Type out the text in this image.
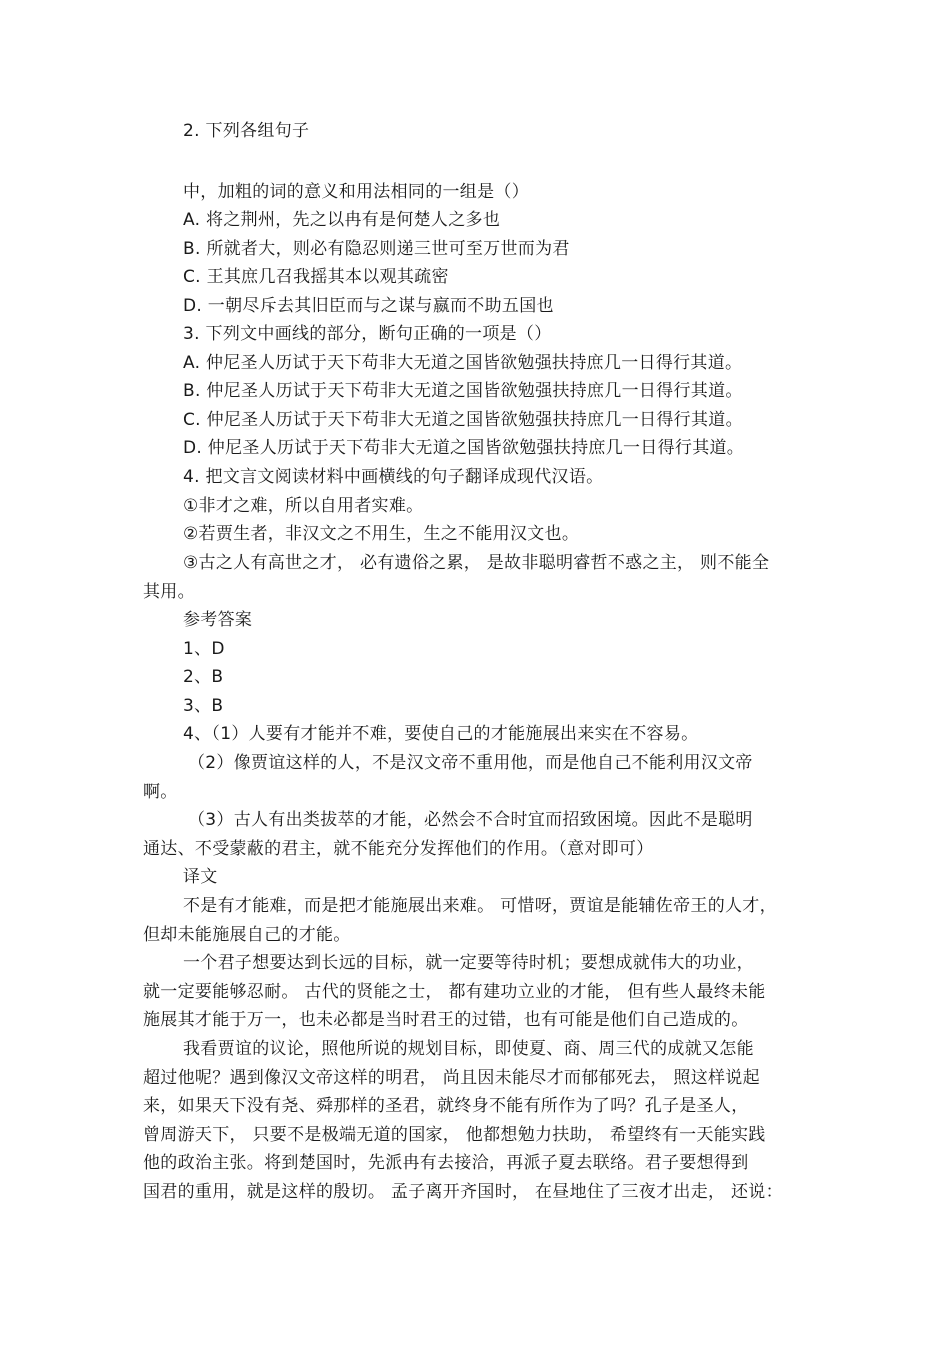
2. 下列各组句子
中，加粗的词的意义和用法相同的一组是（）
A. 将之荆州，先之以冉有是何楚人之多也
B. 所就者大，则必有隐忍则递三世可至万世而为君
C. 王其庶几召我摇其本以观其疏密
D. 一朝尽斥去其旧臣而与之谋与嬴而不助五国也
3. 下列文中画线的部分，断句正确的一项是（）
A. 仲尼圣人历试于天下苟非大无道之国皆欲勉强扶持庶几一日得行其道。
B. 仲尼圣人历试于天下苟非大无道之国皆欲勉强扶持庶几一日得行其道。
C. 仲尼圣人历试于天下苟非大无道之国皆欲勉强扶持庶几一日得行其道。
D. 仲尼圣人历试于天下苟非大无道之国皆欲勉强扶持庶几一日得行其道。
4. 把文言文阅读材料中画横线的句子翻译成现代汉语。
①非才之难，所以自用者实难。
②若贾生者，非汉文之不用生，生之不能用汉文也。
③古之人有高世之才， 必有遗俗之累， 是故非聪明睿哲不惑之主， 则不能全
其用。
参考答案
1、D
2、B
3、B
4、（1）人要有才能并不难，要使自己的才能施展出来实在不容易。
（2）像贾谊这样的人，不是汉文帝不重用他，而是他自己不能利用汉文帝
啊。
（3）古人有出类拔萃的才能，必然会不合时宜而招致困境。因此不是聪明
通达、不受蒙蔽的君主，就不能充分发挥他们的作用。（意对即可）
译文
不是有才能难，而是把才能施展出来难。 可惜呀，贾谊是能辅佐帝王的人才，
但却未能施展自己的才能。
一个君子想要达到长远的目标，就一定要等待时机；要想成就伟大的功业，
就一定要能够忍耐。 古代的贤能之士， 都有建功立业的才能， 但有些人最终未能
施展其才能于万一，也未必都是当时君王的过错，也有可能是他们自己造成的。
我看贾谊的议论，照他所说的规划目标，即使夏、商、周三代的成就又怎能
超过他呢？遇到像汉文帝这样的明君， 尚且因未能尽才而郁郁死去， 照这样说起
来，如果天下没有尧、舜那样的圣君，就终身不能有所作为了吗？孔子是圣人，
曾周游天下， 只要不是极端无道的国家， 他都想勉力扶助， 希望终有一天能实践
他的政治主张。将到楚国时，先派冉有去接洽，再派子夏去联络。君子要想得到
国君的重用，就是这样的殷切。 孟子离开齐国时， 在昼地住了三夜才出走， 还说：
